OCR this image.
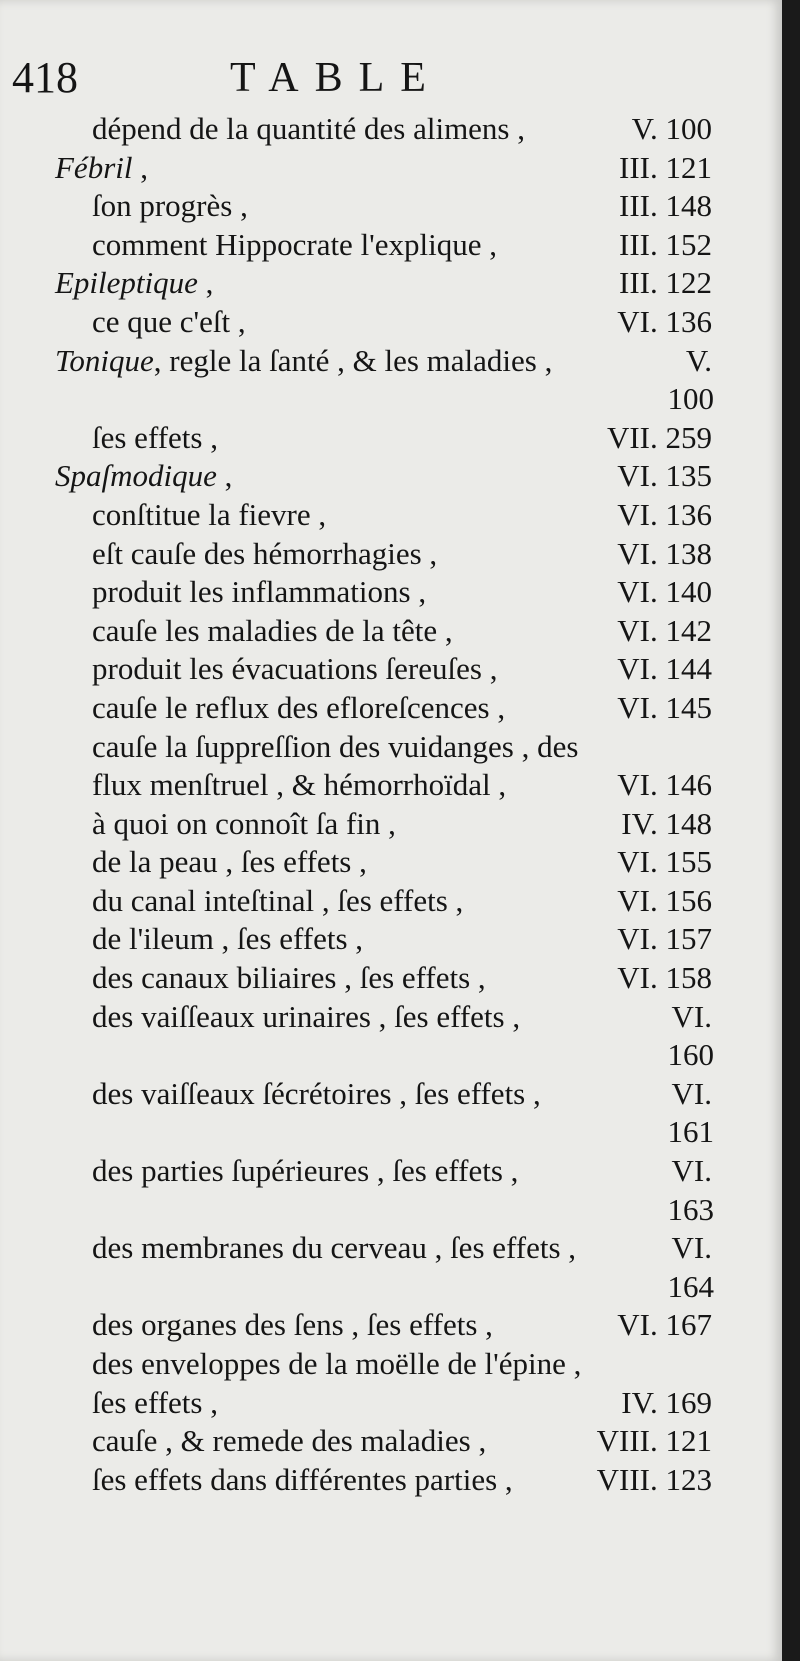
418	TABLE
dépend de la quantité des alimens ,	V. 100
Fébril ,	III. 121
ſon progrès ,	III. 148
comment Hippocrate l'explique ,	III. 152
Epileptique ,	III. 122
ce que c'eſt ,	VI. 136
Tonique, regle la ſanté , & les maladies ,	V.
100
ſes effets ,	VII. 259
Spaſmodique ,	VI. 135
conſtitue la fievre ,	VI. 136
eſt cauſe des hémorrhagies ,	VI. 138
produit les inflammations ,	VI. 140
cauſe les maladies de la tête ,	VI. 142
produit les évacuations ſereuſes ,	VI. 144
cauſe le reflux des efloreſcences ,	VI. 145
cauſe la ſuppreſſion des vuidanges , des
flux menſtruel , & hémorrhoïdal ,	VI. 146
à quoi on connoît ſa fin ,	IV. 148
de la peau , ſes effets ,	VI. 155
du canal inteſtinal , ſes effets ,	VI. 156
de l'ileum , ſes effets ,	VI. 157
des canaux biliaires , ſes effets ,	VI. 158
des vaiſſeaux urinaires , ſes effets ,	VI.
160
des vaiſſeaux ſécrétoires , ſes effets ,	VI.
161
des parties ſupérieures , ſes effets ,	VI.
163
des membranes du cerveau , ſes effets ,	VI.
164
des organes des ſens , ſes effets ,	VI. 167
des enveloppes de la moëlle de l'épine ,
ſes effets ,	IV. 169
cauſe , & remede des maladies ,	VIII. 121
ſes effets dans différentes parties ,	VIII. 123
